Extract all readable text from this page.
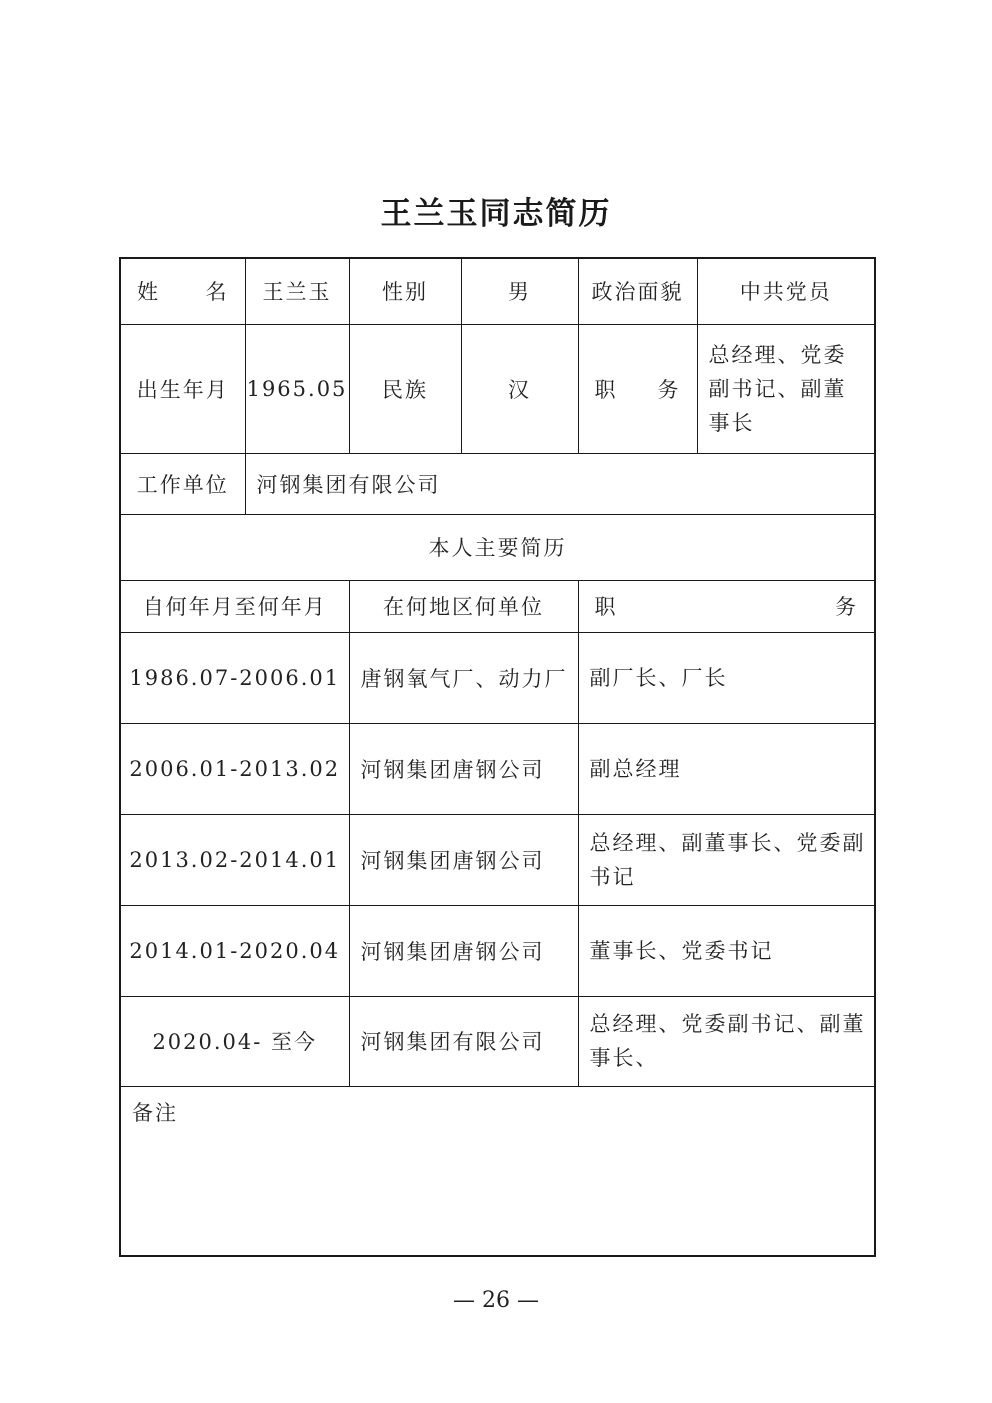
王兰玉同志简历
姓 名	王兰玉	性别	男	政治面貌	中共党员
出生年月	1965.05	民族	汉	职 务	总经理、党委副书记、副董事长
工作单位	河钢集团有限公司				
本人主要简历					
自何年月至何年月		在何地区何单位		职 务	
1986.07-2006.01		唐钢氧气厂、动力厂		副厂长、厂长	
2006.01-2013.02		河钢集团唐钢公司		副总经理	
2013.02-2014.01		河钢集团唐钢公司		总经理、副董事长、党委副书记	
2014.01-2020.04		河钢集团唐钢公司		董事长、党委书记	
2020.04- 至今		河钢集团有限公司		总经理、党委副书记、副董事长、	
备注					
— 26 —
